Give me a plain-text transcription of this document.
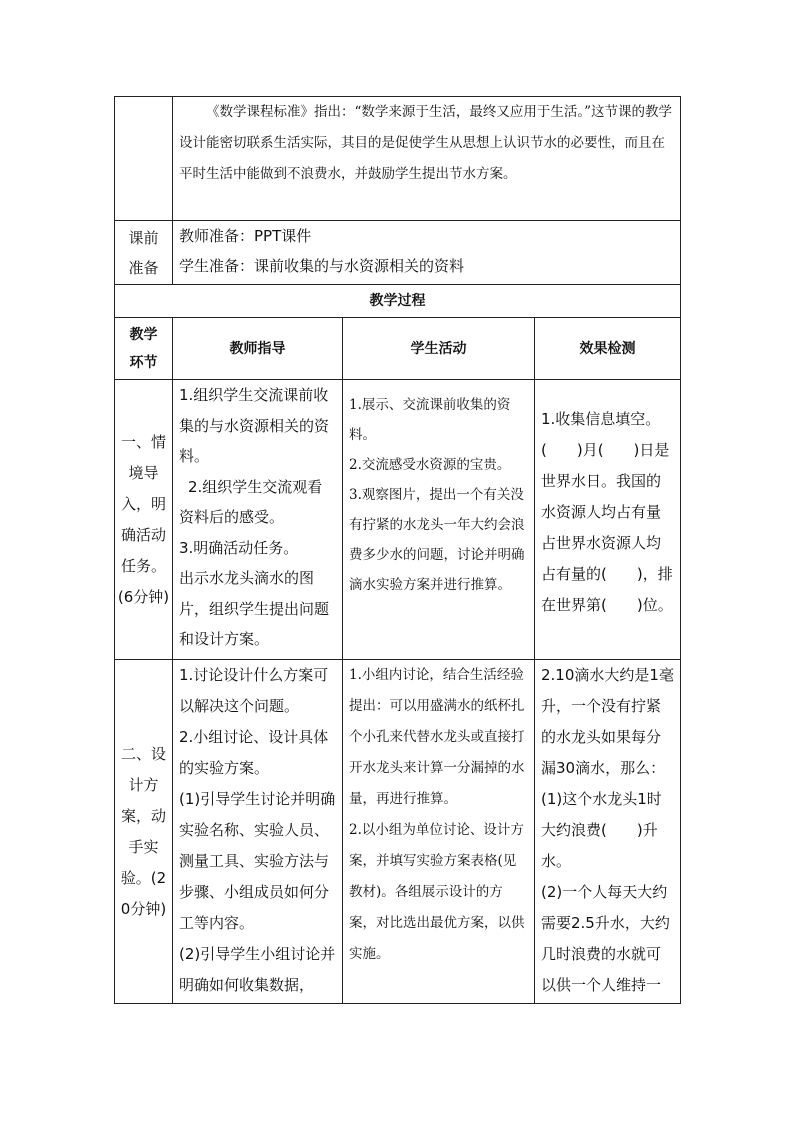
	《数学课程标准》指出：“数学来源于生活，最终又应用于生活。”这节课的教学设计能密切联系生活实际，其目的是促使学生从思想上认识节水的必要性，而且在平时生活中能做到不浪费水，并鼓励学生提出节水方案。		

课前
准备	教师准备：PPT课件
学生准备：课前收集的与水资源相关的资料		

教学过程			

教学
环节	教师指导	学生活动	效果检测
一、情境导入，明确活动任务。(6分钟)	1.组织学生交流课前收集的与水资源相关的资料。
2.组织学生交流观看资料后的感受。
3.明确活动任务。
出示水龙头滴水的图片，组织学生提出问题和设计方案。	1.展示、交流课前收集的资料。
2.交流感受水资源的宝贵。
3.观察图片，提出一个有关没有拧紧的水龙头一年大约会浪费多少水的问题，讨论并明确滴水实验方案并进行推算。	1.收集信息填空。
(　　)月(　　)日是世界水日。我国的水资源人均占有量占世界水资源人均占有量的(　　)，排在世界第(　　)位。

二、设计方案，动手实验。(20分钟)	1.讨论设计什么方案可以解决这个问题。
2.小组讨论、设计具体的实验方案。
(1)引导学生讨论并明确实验名称、实验人员、测量工具、实验方法与步骤、小组成员如何分工等内容。
(2)引导学生小组讨论并明确如何收集数据，	1.小组内讨论，结合生活经验提出：可以用盛满水的纸杯扎个小孔来代替水龙头或直接打开水龙头来计算一分漏掉的水量，再进行推算。
2.以小组为单位讨论、设计方案，并填写实验方案表格(见教材)。各组展示设计的方案，对比选出最优方案，以供实施。	2.10滴水大约是1毫升，一个没有拧紧的水龙头如果每分漏30滴水，那么：
(1)这个水龙头1时大约浪费(　　)升水。
(2)一个人每天大约需要2.5升水，大约几时浪费的水就可以供一个人维持一
